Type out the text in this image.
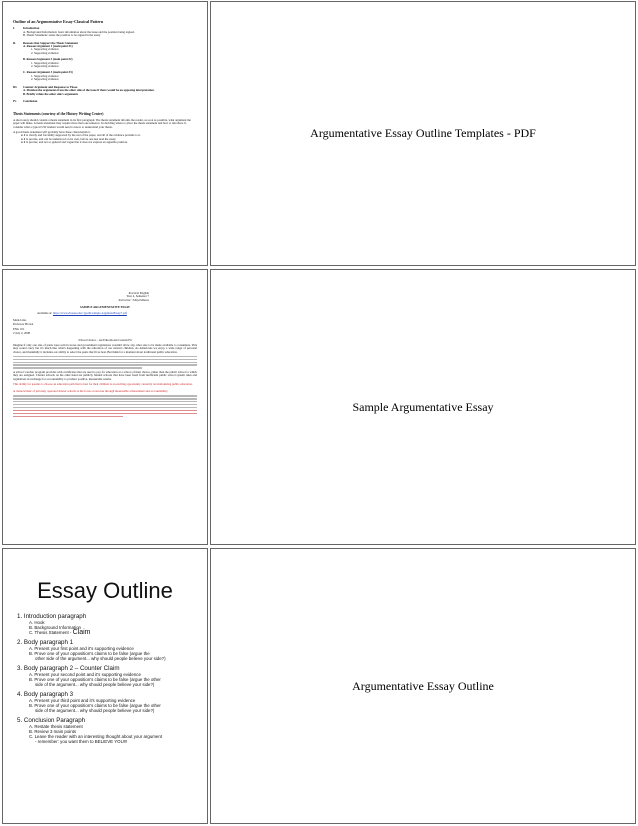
Outline of an Argumentative Essay-Classical Pattern
I.	Introduction
A. Background Information: basic information about the issue and the position being argued.
B. Thesis Statement: states the position to be argued in the essay
II.	Reasons that Support the Thesis Statement
A. Reason/Argument 1 (main point #1)
1. Supporting evidence
2. Supporting evidence
B. Reason/Argument 2 (main point #2)
1. Supporting evidence
2. Supporting evidence
C. Reason/Argument 3 (main point #3)
1. Supporting evidence
2. Supporting evidence
III.	Counter Argument and Response to Those
A. Mention the arguments from the other side of the issue if there would be an opposing interpretation.
B. Briefly refute the other side's arguments
IV.	Conclusion
Thesis Statements (courtesy of the History Writing Center)
A short essay should contain a thesis statement in its first paragraph. The thesis statement informs the reader, as soon as possible, what argument the paper will make. A thesis statement may require more than one sentence. In deciding where to place the thesis statement and how to introduce it, consider what a typical UW student would need to know to understand your thesis.
A good thesis statement will probably have these characteristics:
● It is clearly and forcefully supported by the rest of the paper, and all of the evidence pertains to it.
● It is precise, and can be understood on its own, before one has read the essay.
● It is precise, and not so general and vague that it does not express an arguable position.
Argumentative Essay Outline Templates - PDF
Practical English
Year 4, Semester 7
Instructor: T.Kiyohitkova
SAMPLE ARGUMENTATIVE ESSAY
Available at: https://www.rhoneu.edu/~jpettit/sample-ArgumentEssay7.pdf
Mark Liles
Professor Brown
ENG 101
2 July 2, 2008
School Choice – An Educational Custom Fit
Imagine if only one size of pants were sold in stores and government regulations wouldn't allow any other size to be made available to consumers. This may sound crazy but it's much like what's happening with the education of our nation's children. As Americans we enjoy a wide range of personal choice, and thankfully it includes our ability to select the pants that fit us best. But think for a moment about traditional public education.
A school voucher program provides with certificates that are used to pay for education at a school of their choice, rather than the public school to which they are assigned. Charter schools on the other hand are publicly funded schools that have been freed from inefficient public school system rules and regulations in exchange for accountability to produce positive, measurable results.
This ability for parents to choose an education path that is best for their children is an exciting opportunity currently revolutionizing public education.
A characteristic of privately operated charter schools is the focus on success through measurable achievement and accountability.
Sample Argumentative Essay
Essay Outline
1. Introduction paragraph
A. Hook
B. Background Information
C. Thesis Statement - Claim
2. Body paragraph 1
A. Present your first point and it's supporting evidence
B. Prove one of your opposition's claims to be false (argue the
other side of the argument... why should people believe your side?)
3. Body paragraph 2 – Counter Claim
A. Present your second point and it's supporting evidence
B. Prove one of your opposition's claims to be false (argue the other
side of the argument... why should people believe your side?)
4. Body paragraph 3
A. Present your third point and it's supporting evidence
B. Prove one of your opposition's claims to be false (argue the other
side of the argument... why should people believe your side?)
5. Conclusion Paragraph
A. Restate thesis statement
B. Review 3 main points
C. Leave the reader with an interesting thought about your argument
- remember: you want them to BELIEVE YOU!!!
Argumentative Essay Outline
